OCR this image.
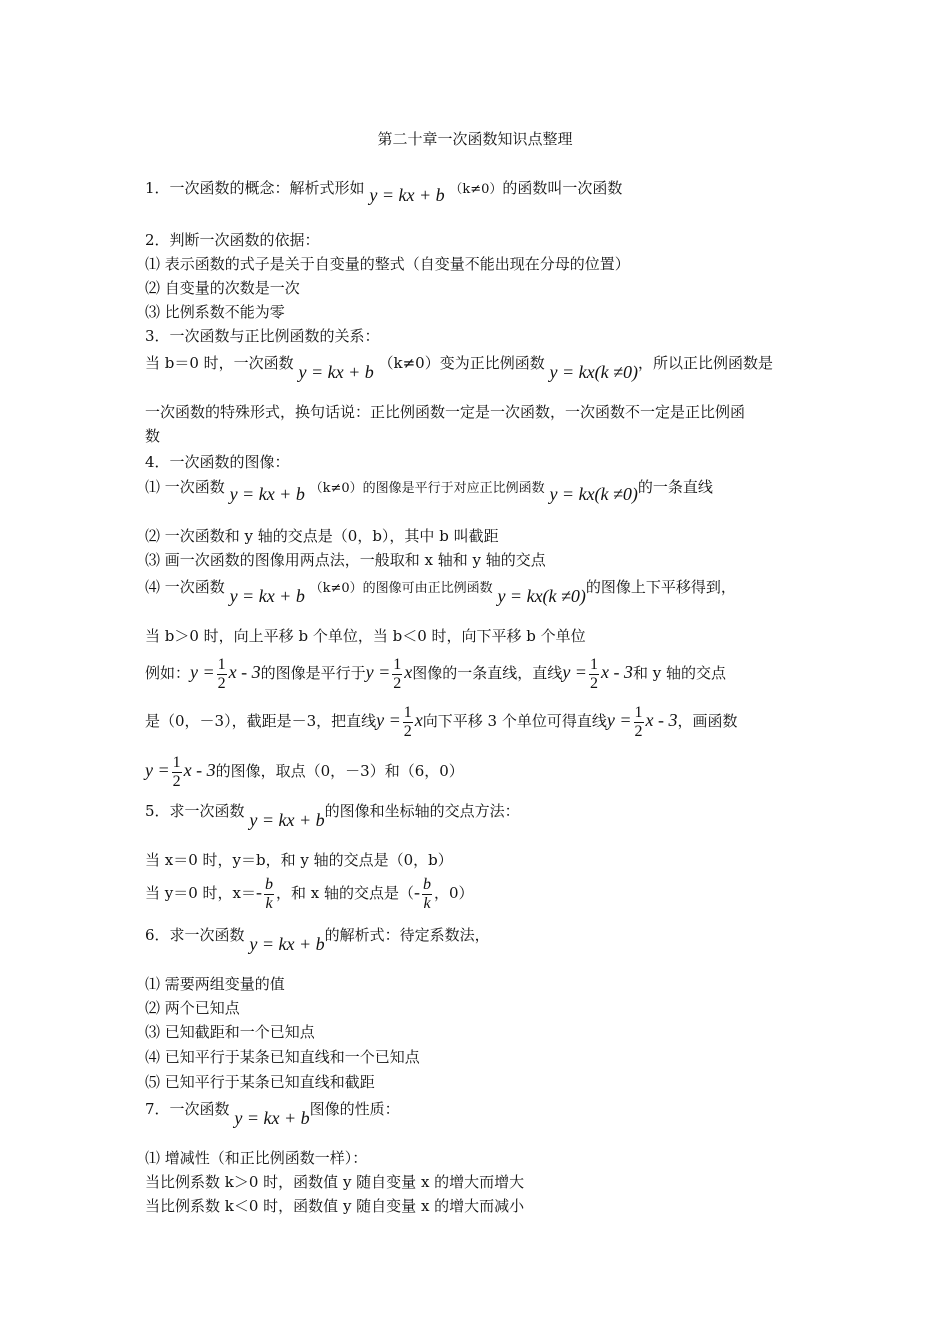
第二十章一次函数知识点整理
1．一次函数的概念：解析式形如 y = kx + b （k≠0）的函数叫一次函数
2．判断一次函数的依据：
⑴ 表示函数的式子是关于自变量的整式（自变量不能出现在分母的位置）
⑵ 自变量的次数是一次
⑶ 比例系数不能为零
3．一次函数与正比例函数的关系：
当 b＝0 时，一次函数 y = kx + b （k≠0）变为正比例函数 y = kx(k ≠0)，所以正比例函数是
一次函数的特殊形式，换句话说：正比例函数一定是一次函数，一次函数不一定是正比例函
数
4．一次函数的图像：
⑴ 一次函数 y = kx + b （k≠0）的图像是平行于对应正比例函数 y = kx(k ≠0)的一条直线
⑵ 一次函数和 y 轴的交点是（0，b），其中 b 叫截距
⑶ 画一次函数的图像用两点法，一般取和 x 轴和 y 轴的交点
⑷ 一次函数 y = kx + b （k≠0）的图像可由正比例函数 y = kx(k ≠0)的图像上下平移得到，
当 b＞0 时，向上平移 b 个单位，当 b＜0 时，向下平移 b 个单位
例如：$y = \frac{1}{2}$ x - 3的图像是平行于$y = \frac{1}{2}$ x图像的一条直线，直线$y = \frac{1}{2}$ x - 3和 y 轴的交点
是（0，－3），截距是－3，把直线$y = \frac{1}{2}$ x向下平移 3 个单位可得直线$y = \frac{1}{2}$ x - 3，画函数
$y = \frac{1}{2}$ x - 3的图像，取点（0，－3）和（6，0）
5．求一次函数 y = kx + b的图像和坐标轴的交点方法：
当 x＝0 时，y＝b，和 y 轴的交点是（0，b）
当 y＝0 时，$x=- \frac{b}{k}$ ，和 x 轴的交点是（- $\frac{b}{k}$ ，0）
6．求一次函数 y = kx + b的解析式：待定系数法，
⑴ 需要两组变量的值
⑵ 两个已知点
⑶ 已知截距和一个已知点
⑷ 已知平行于某条已知直线和一个已知点
⑸ 已知平行于某条已知直线和截距
7．一次函数 y = kx + b图像的性质：
⑴ 增减性（和正比例函数一样）：
当比例系数 k＞0 时，函数值 y 随自变量 x 的增大而增大
当比例系数 k＜0 时，函数值 y 随自变量 x 的增大而减小
